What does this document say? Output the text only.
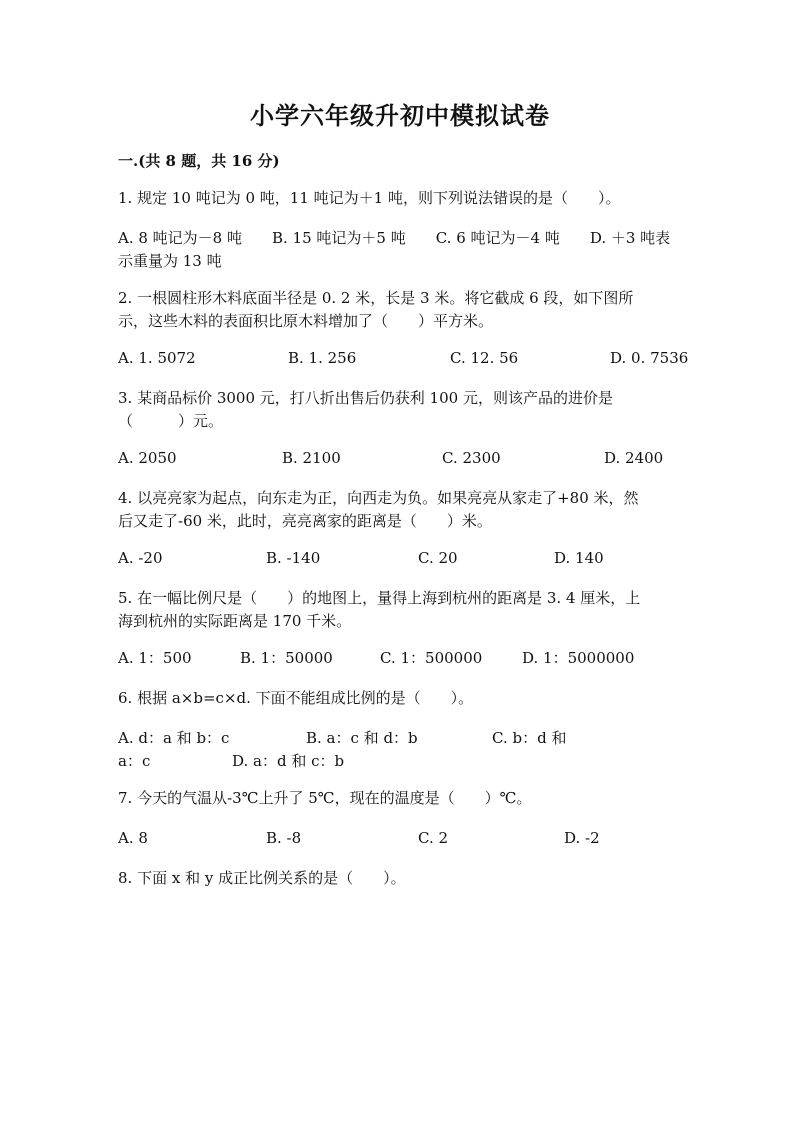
小学六年级升初中模拟试卷
一.(共 8 题，共 16 分)
1. 规定 10 吨记为 0 吨，11 吨记为＋1 吨，则下列说法错误的是（　　）。
A. 8 吨记为－8 吨　　B. 15 吨记为＋5 吨　　C. 6 吨记为－4 吨　　D. ＋3 吨表
示重量为 13 吨
2. 一根圆柱形木料底面半径是 0. 2 米，长是 3 米。将它截成 6 段，如下图所
示，这些木料的表面积比原木料增加了（　　）平方米。
A. 1. 5072	B. 1. 256	C. 12. 56	D. 0. 7536
3. 某商品标价 3000 元，打八折出售后仍获利 100 元，则该产品的进价是
（　　　）元。
A. 2050	B. 2100	C. 2300	D. 2400
4. 以亮亮家为起点，向东走为正，向西走为负。如果亮亮从家走了+80 米，然
后又走了-60 米，此时，亮亮离家的距离是（　　）米。
A. -20	B. -140	C. 20	D. 140
5. 在一幅比例尺是（　　）的地图上，量得上海到杭州的距离是 3. 4 厘米，上
海到杭州的实际距离是 170 千米。
A. 1：500	B. 1：50000	C. 1：500000	D. 1：5000000
6. 根据 a×b=c×d. 下面不能组成比例的是（　　）。
A. d：a 和 b：c	B. a：c 和 d：b	C. b：d 和
a：c	D. a：d 和 c：b
7. 今天的气温从-3℃上升了 5℃，现在的温度是（　　）℃。
A. 8	B. -8	C. 2	D. -2
8. 下面 x 和 y 成正比例关系的是（　　）。
